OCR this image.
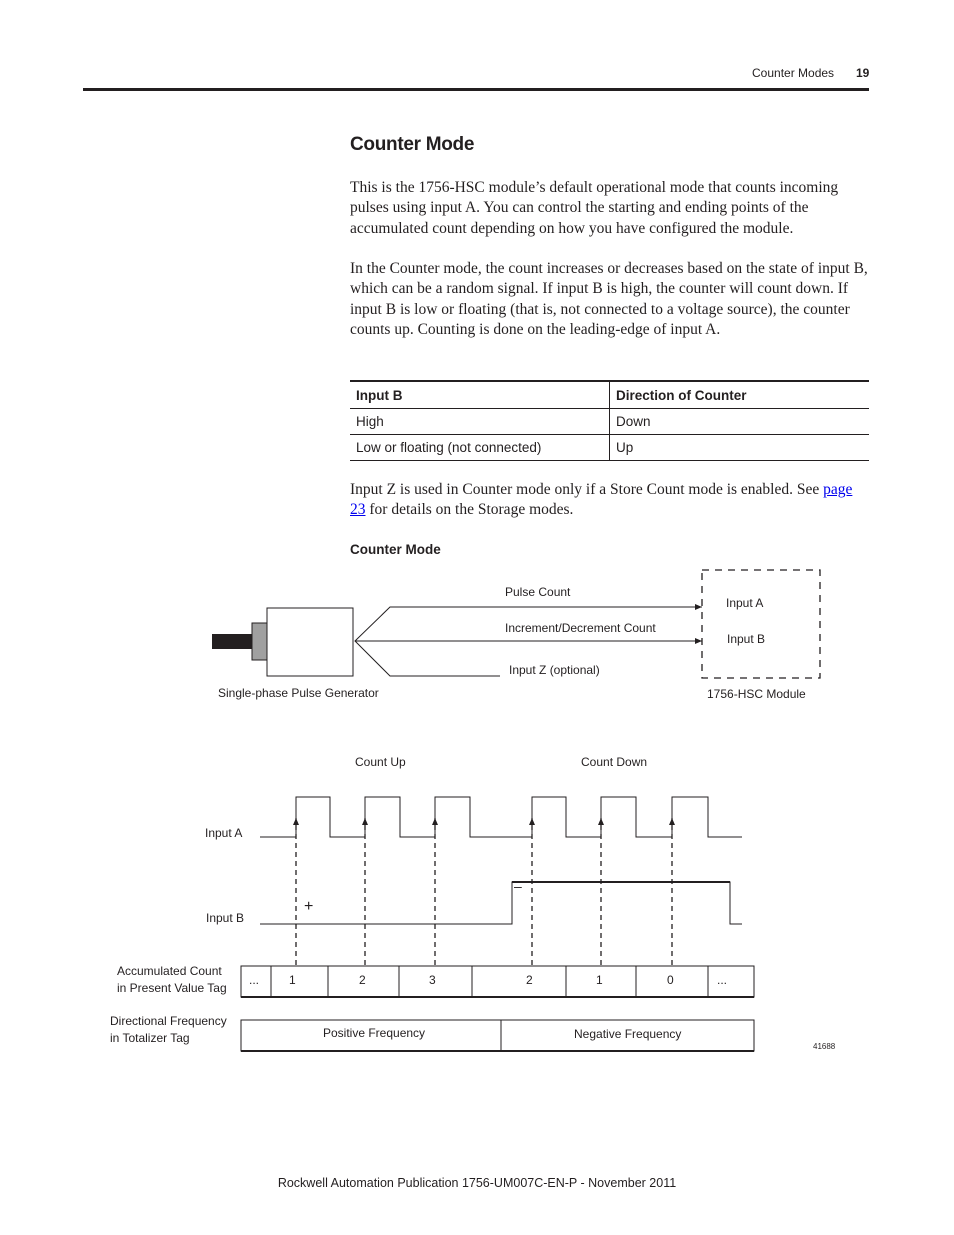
Counter Modes 19
Counter Mode

This is the 1756-HSC module’s default operational mode that counts incoming pulses using input A. You can control the starting and ending points of the accumulated count depending on how you have configured the module.

In the Counter mode, the count increases or decreases based on the state of input B, which can be a random signal. If input B is high, the counter will count down. If input B is low or floating (that is, not connected to a voltage source), the counter counts up. Counting is done on the leading-edge of input A.

Input B	Direction of Counter
High	Down
Low or floating (not connected)	Up

Input Z is used in Counter mode only if a Store Count mode is enabled. See page 23 for details on the Storage modes.

Counter Mode
Pulse Count
Increment/Decrement Count
Input Z (optional)
Input A
Input B
Single-phase Pulse Generator	1756-HSC Module
Count Up	Count Down
Input A
Input B
+
–
Accumulated Count
in Present Value Tag
... 1	2	3	2	1	0	...
Directional Frequency
in Totalizer Tag	Positive Frequency	Negative Frequency
41688
Rockwell Automation Publication 1756-UM007C-EN-P - November 2011
